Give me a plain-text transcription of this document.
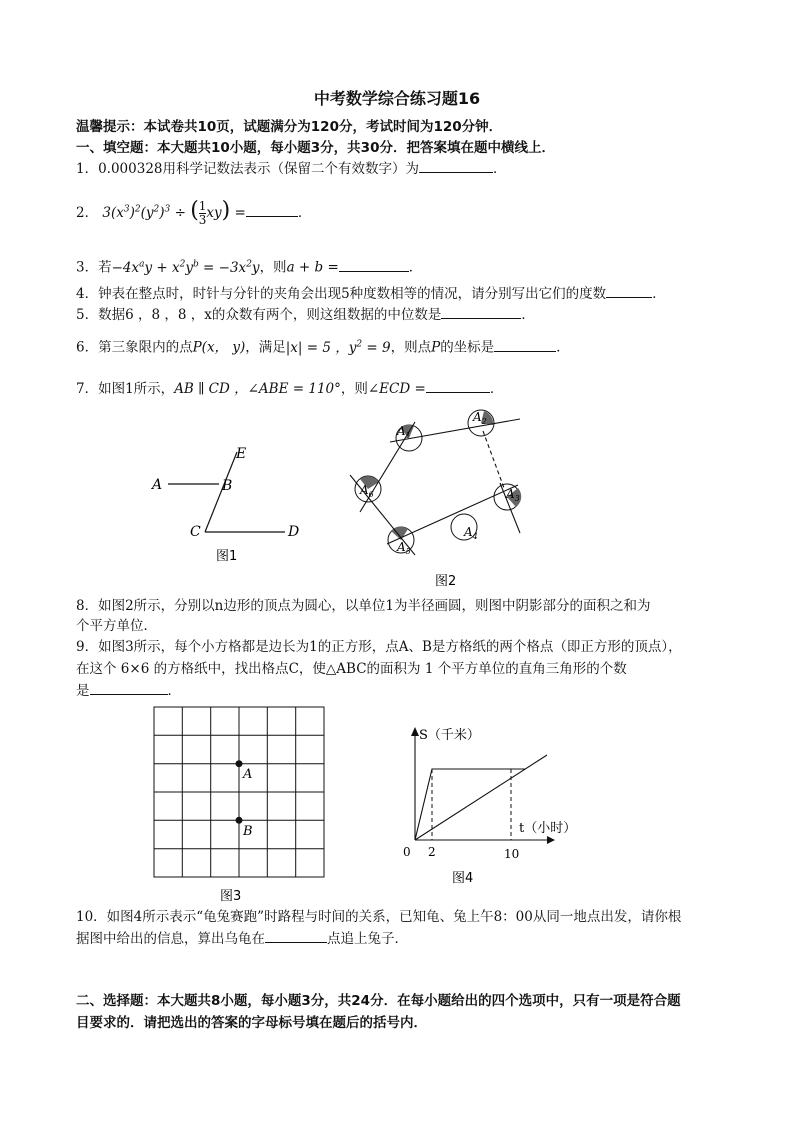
中考数学综合练习题16
温馨提示：本试卷共10页，试题满分为120分，考试时间为120分钟．
一、填空题：本大题共10小题，每小题3分，共30分．把答案填在题中横线上．
1．0.000328用科学记数法表示（保留二个有效数字）为	．
2． $3(x^3)^2(y^2)^3$ ÷ ( $\frac{1}{3} xy$) =	．
3．若$-4x^ay + x^2y^b = -3x^2y$，则a + b =	．
4．钟表在整点时，时针与分针的夹角会出现5种度数相等的情况，请分别写出它们的度数	．
5．数据6 ，8 ，8 ，x的众数有两个，则这组数据的中位数是	．
6．第三象限内的点P(x， y)，满足|x| = 5 ，$y^2 = 9$，则点P的坐标是	．
7．如图1所示，AB ∥ CD ，∠ABE = 110°，则∠ECD =	．
A	B
C	D
E
图1
$A_1$
$A_2$
$A_3$
$A_4$
$A_5$
$A_6$
图2
8．如图2所示，分别以n边形的顶点为圆心，以单位1为半径画圆，则图中阴影部分的面积之和为
个平方单位．
9．如图3所示，每个小方格都是边长为1的正方形，点A、B是方格纸的两个格点（即正方形的顶点），
在这个 6×6 的方格纸中，找出格点C，使△ABC的面积为 1 个平方单位的直角三角形的个数
是	．
A
B
图3
S（千米）
t（小时）
0 2	10
图4
10．如图4所示表示“龟兔赛跑”时路程与时间的关系，已知龟、兔上午8：00从同一地点出发，请你根
据图中给出的信息，算出乌龟在	点追上兔子．
二、选择题：本大题共8小题，每小题3分，共24分．在每小题给出的四个选项中，只有一项是符合题
目要求的．请把选出的答案的字母标号填在题后的括号内．
